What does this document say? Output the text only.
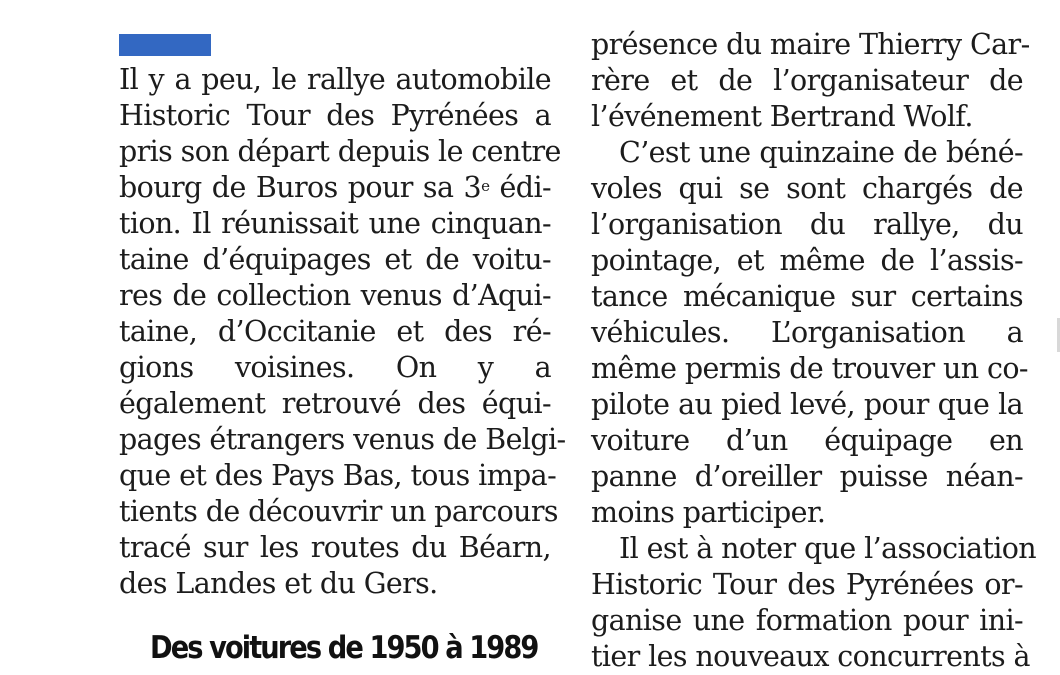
Il y a peu, le rallye automobile
Historic Tour des Pyrénées a
pris son départ depuis le centre
bourg de Buros pour sa 3e édi-
tion. Il réunissait une cinquan-
taine d’équipages et de voitu-
res de collection venus d’Aqui-
taine, d’Occitanie et des ré-
gions voisines. On y a
également retrouvé des équi-
pages étrangers venus de Belgi-
que et des Pays Bas, tous impa-
tients de découvrir un parcours
tracé sur les routes du Béarn,
des Landes et du Gers.
Des voitures de 1950 à 1989
présence du maire Thierry Car-
rère et de l’organisateur de
l’événement Bertrand Wolf.
C’est une quinzaine de béné-
voles qui se sont chargés de
l’organisation du rallye, du
pointage, et même de l’assis-
tance mécanique sur certains
véhicules. L’organisation a
même permis de trouver un co-
pilote au pied levé, pour que la
voiture d’un équipage en
panne d’oreiller puisse néan-
moins participer.
Il est à noter que l’association
Historic Tour des Pyrénées or-
ganise une formation pour ini-
tier les nouveaux concurrents à
